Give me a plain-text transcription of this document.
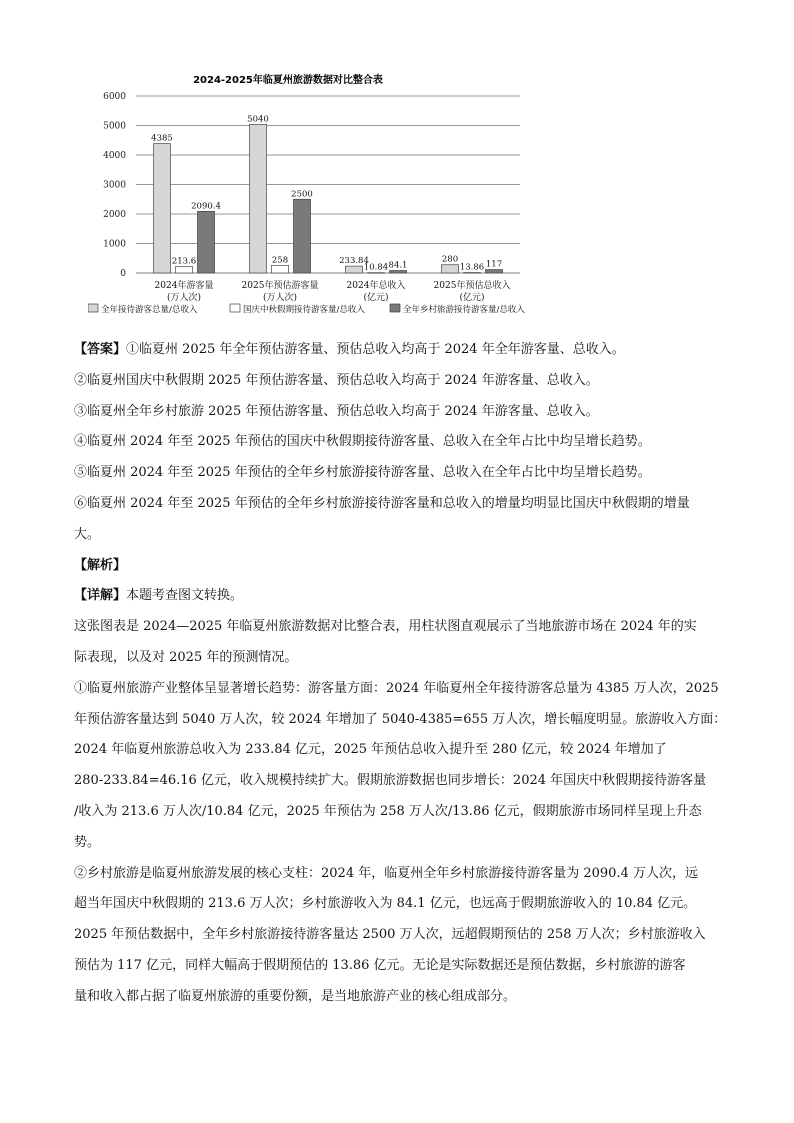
2024-2025年临夏州旅游数据对比整合表
0
1000
2000
3000
4000
5000
6000
4385
5040
233.84	280
213.6	258
10.84	13.86
2090.4
2500
84.1	117
2024年游客量
(万人次)
2025年预估游客量
(万人次)
2024年总收入
(亿元)
2025年预估总收入
(亿元)
全年接待游客总量/总收入	国庆中秋假期接待游客量/总收入	全年乡村旅游接待游客量/总收入

【答案】①临夏州 2025 年全年预估游客量、预估总收入均高于 2024 年全年游客量、总收入。

②临夏州国庆中秋假期 2025 年预估游客量、预估总收入均高于 2024 年游客量、总收入。

③临夏州全年乡村旅游 2025 年预估游客量、预估总收入均高于 2024 年游客量、总收入。

④临夏州 2024 年至 2025 年预估的国庆中秋假期接待游客量、总收入在全年占比中均呈增长趋势。

⑤临夏州 2024 年至 2025 年预估的全年乡村旅游接待游客量、总收入在全年占比中均呈增长趋势。

⑥临夏州 2024 年至 2025 年预估的全年乡村旅游接待游客量和总收入的增量均明显比国庆中秋假期的增量

大。

【解析】

【详解】本题考查图文转换。

这张图表是 2024—2025 年临夏州旅游数据对比整合表，用柱状图直观展示了当地旅游市场在 2024 年的实

际表现，以及对 2025 年的预测情况。

①临夏州旅游产业整体呈显著增长趋势：游客量方面：2024 年临夏州全年接待游客总量为 4385 万人次，2025

年预估游客量达到 5040 万人次，较 2024 年增加了 5040-4385=655 万人次，增长幅度明显。旅游收入方面：

2024 年临夏州旅游总收入为 233.84 亿元，2025 年预估总收入提升至 280 亿元，较 2024 年增加了

280-233.84=46.16 亿元，收入规模持续扩大。假期旅游数据也同步增长：2024 年国庆中秋假期接待游客量

/收入为 213.6 万人次/10.84 亿元，2025 年预估为 258 万人次/13.86 亿元，假期旅游市场同样呈现上升态

势。

②乡村旅游是临夏州旅游发展的核心支柱：2024 年，临夏州全年乡村旅游接待游客量为 2090.4 万人次，远

超当年国庆中秋假期的 213.6 万人次；乡村旅游收入为 84.1 亿元，也远高于假期旅游收入的 10.84 亿元。

2025 年预估数据中，全年乡村旅游接待游客量达 2500 万人次，远超假期预估的 258 万人次；乡村旅游收入

预估为 117 亿元，同样大幅高于假期预估的 13.86 亿元。无论是实际数据还是预估数据，乡村旅游的游客

量和收入都占据了临夏州旅游的重要份额，是当地旅游产业的核心组成部分。
